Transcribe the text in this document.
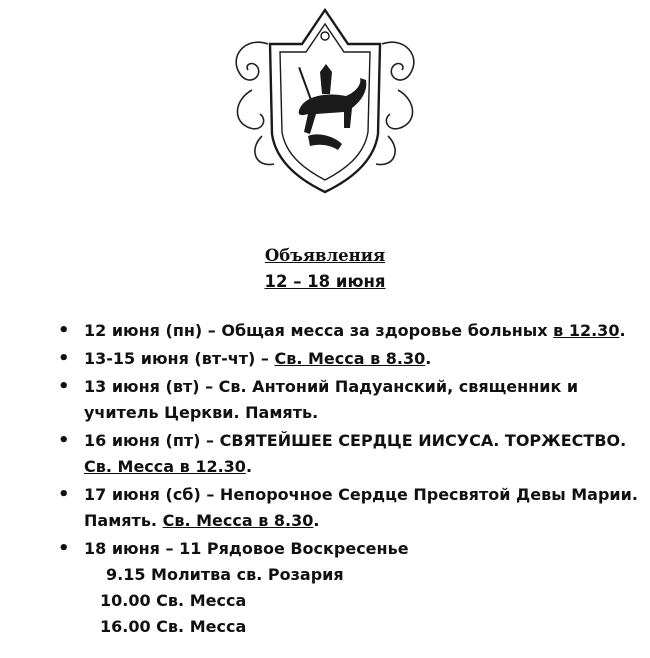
Объявления
12 – 18 июня
• 12 июня (пн) – Общая месса за здоровье больных в 12.30.
• 13-15 июня (вт-чт) – Св. Месса в 8.30.
• 13 июня (вт) – Св. Антоний Падуанский, священник и учитель Церкви. Память.
• 16 июня (пт) – СВЯТЕЙШЕЕ СЕРДЦЕ ИИСУСА. ТОРЖЕСТВО.
Св. Месса в 12.30.
• 17 июня (сб) – Непорочное Сердце Пресвятой Девы Марии. Память. Св. Месса в 8.30.
• 18 июня – 11 Рядовое Воскресенье
9.15 Молитва св. Розария
10.00 Св. Месса
16.00 Св. Месса
